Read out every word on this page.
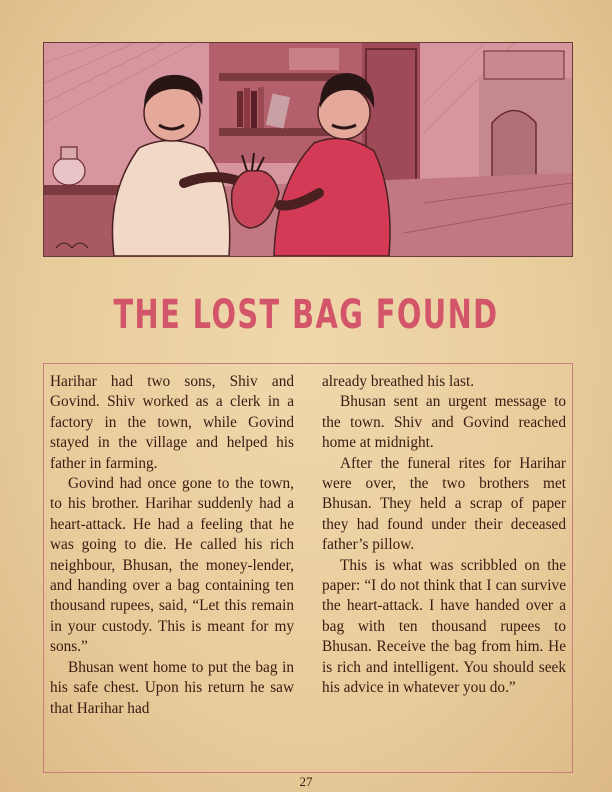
THE LOST BAG FOUND

Harihar had two sons, Shiv and Govind. Shiv worked as a clerk in a factory in the town, while Govind stayed in the village and helped his father in farming.

Govind had once gone to the town, to his brother. Harihar suddenly had a heart-attack. He had a feeling that he was going to die. He called his rich neighbour, Bhusan, the money-lender, and handing over a bag containing ten thousand rupees, said, “Let this remain in your custody. This is meant for my sons.”

Bhusan went home to put the bag in his safe chest. Upon his return he saw that Harihar had

already breathed his last.

Bhusan sent an urgent message to the town. Shiv and Govind reached home at midnight.

After the funeral rites for Harihar were over, the two brothers met Bhusan. They held a scrap of paper they had found under their deceased father’s pillow.

This is what was scribbled on the paper: “I do not think that I can survive the heart-attack. I have handed over a bag with ten thousand rupees to Bhusan. Receive the bag from him. He is rich and intelligent. You should seek his advice in whatever you do.”

27
